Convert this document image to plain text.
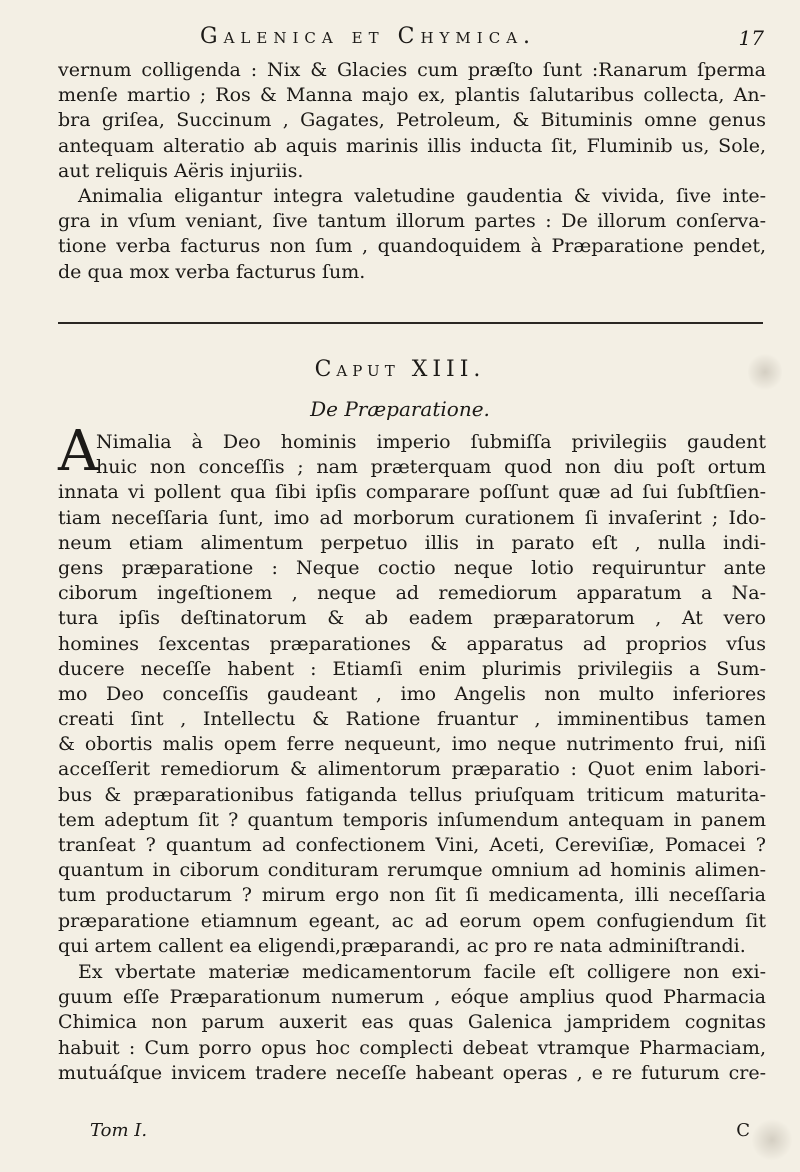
Galenica et Chymica.	17
vernum colligenda : Nix & Glacies cum præſto ſunt :Ranarum ſperma
menſe martio ; Ros & Manna majo ex, plantis ſalutaribus collecta, An-
bra griſea, Succinum , Gagates, Petroleum, & Bituminis omne genus
antequam alteratio ab aquis marinis illis inducta ſit, Fluminib us, Sole,
aut reliquis Aëris injuriis.
Animalia eligantur integra valetudine gaudentia & vivida, ſive inte-
gra in vſum veniant, ſive tantum illorum partes : De illorum conſerva-
tione verba facturus non ſum , quandoquidem à Præparatione pendet,
de qua mox verba facturus ſum.
Caput XIII.
De Præparatione.
A
Nimalia à Deo hominis imperio ſubmiſſa privilegiis gaudent
huic non conceſſis ; nam præterquam quod non diu poſt ortum
innata vi pollent qua ſibi ipſis comparare poſſunt quæ ad ſui ſubſtſien-
tiam neceſſaria ſunt, imo ad morborum curationem ſi invaſerint ; Ido-
neum etiam alimentum perpetuo illis in parato eſt , nulla indi-
gens præparatione : Neque coctio neque lotio requiruntur ante
ciborum ingeſtionem , neque ad remediorum apparatum a Na-
tura ipſis deſtinatorum & ab eadem præparatorum , At vero
homines ſexcentas præparationes & apparatus ad proprios vſus
ducere neceſſe habent : Etiamſi enim plurimis privilegiis a Sum-
mo Deo conceſſis gaudeant , imo Angelis non multo inferiores
creati ſint , Intellectu & Ratione fruantur , imminentibus tamen
& obortis malis opem ferre nequeunt, imo neque nutrimento frui, niſi
acceſſerit remediorum & alimentorum præparatio : Quot enim labori-
bus & præparationibus fatiganda tellus priuſquam triticum maturita-
tem adeptum ſit ? quantum temporis inſumendum antequam in panem
tranſeat ? quantum ad confectionem Vini, Aceti, Cereviſiæ, Pomacei ?
quantum in ciborum condituram rerumque omnium ad hominis alimen-
tum productarum ? mirum ergo non ſit ſi medicamenta, illi neceſſaria
præparatione etiamnum egeant, ac ad eorum opem confugiendum ſit
qui artem callent ea eligendi,præparandi, ac pro re nata adminiſtrandi.
Ex vbertate materiæ medicamentorum facile eſt colligere non exi-
guum eſſe Præparationum numerum , eóque amplius quod Pharmacia
Chimica non parum auxerit eas quas Galenica jampridem cognitas
habuit : Cum porro opus hoc complecti debeat vtramque Pharmaciam,
mutuáſque invicem tradere neceſſe habeant operas , e re futurum cre-
Tom I.	C
